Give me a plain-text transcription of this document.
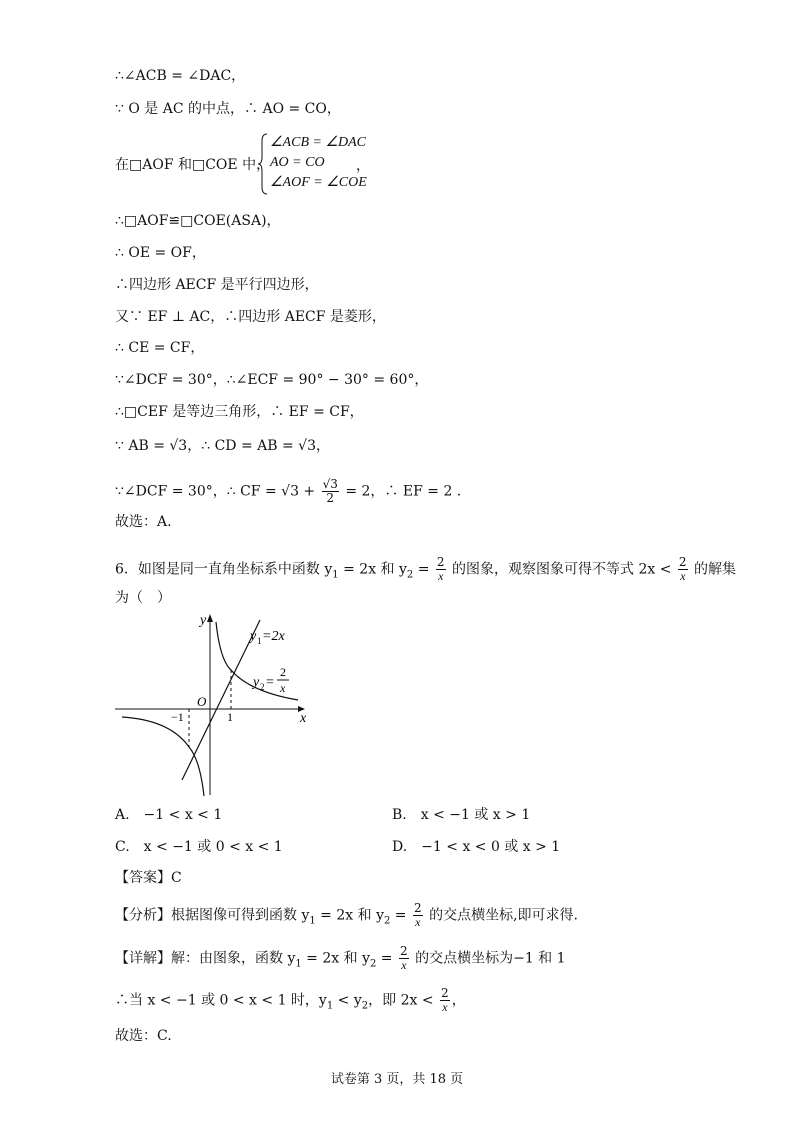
∴∠ACB = ∠DAC，
∵ O 是 AC 的中点，∴ AO = CO，
在□AOF 和□COE 中，
∠ACB = ∠DAC
AO = CO
∠AOF = ∠COE
，
∴□AOF≌□COE(ASA)，
∴ OE = OF，
∴四边形 AECF 是平行四边形，
又∵ EF ⊥ AC，∴四边形 AECF 是菱形，
∴ CE = CF，
∵∠DCF = 30°，∴∠ECF = 90° − 30° = 60°，
∴□CEF 是等边三角形，∴ EF = CF，
∵ AB = √3，∴ CD = AB = √3，
∵∠DCF = 30°，∴ CF = $√3 + \frac{√3}{2} = 2$，∴ EF = 2 .
故选：A.
6．如图是同一直角坐标系中函数 $y_1 = 2x$ 和 $y_2 = \frac{2}{x}$ 的图象，观察图象可得不等式 $2x < \frac{2}{x}$ 的解集
为（　）
y
x
O
−1	1
y 1 =2x
y 2 =
2
x
A.　−1 < x < 1	B.　x < −1 或 x > 1
C.　x < −1 或 0 < x < 1	D.　−1 < x < 0 或 x > 1
【答案】C
【分析】根据图像可得到函数 $y_1 = 2x$ 和 $y_2 = \frac{2}{x}$ 的交点横坐标,即可求得.
【详解】解：由图象，函数 $y_1 = 2x$ 和 $y_2 = \frac{2}{x}$ 的交点横坐标为−1 和 1
∴当 x < −1 或 0 < x < 1 时，$y_1 < y_2$，即 $2x < \frac{2}{x}$ ，
故选：C.
试卷第 3 页，共 18 页
